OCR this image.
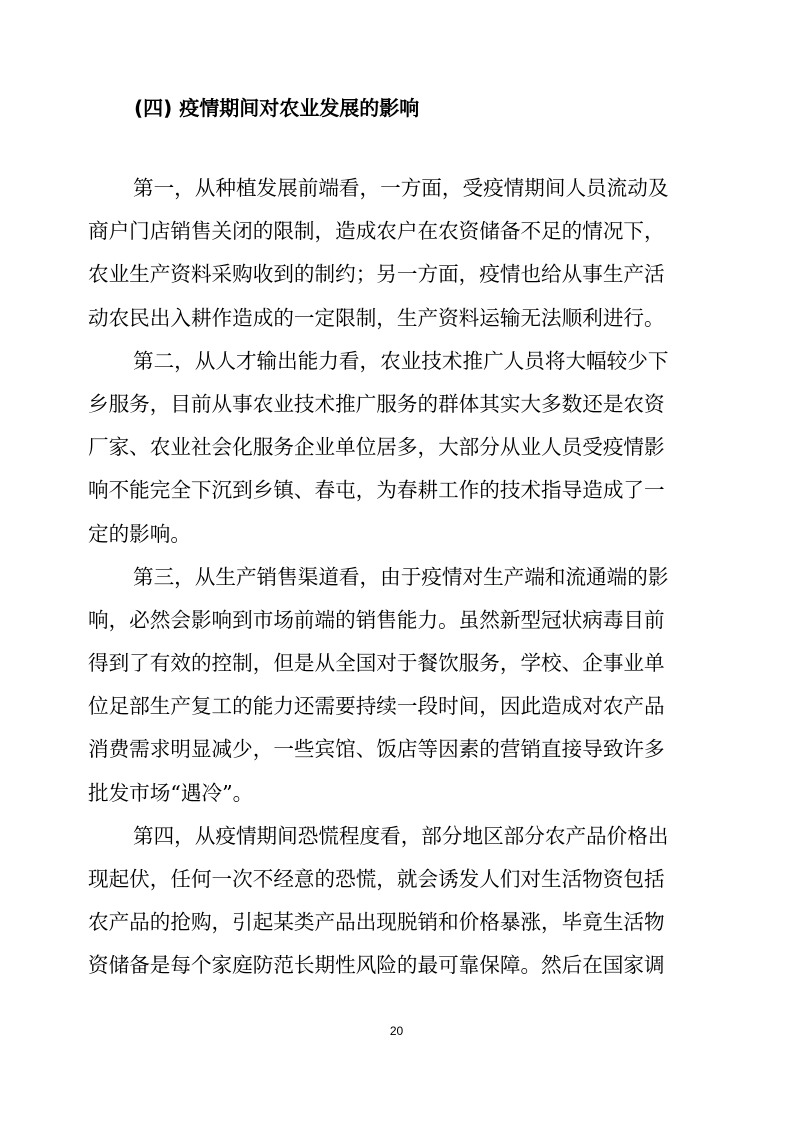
(四) 疫情期间对农业发展的影响
第一，从种植发展前端看，一方面，受疫情期间人员流动及
商户门店销售关闭的限制，造成农户在农资储备不足的情况下，
农业生产资料采购收到的制约；另一方面，疫情也给从事生产活
动农民出入耕作造成的一定限制，生产资料运输无法顺利进行。
第二，从人才输出能力看，农业技术推广人员将大幅较少下
乡服务，目前从事农业技术推广服务的群体其实大多数还是农资
厂家、农业社会化服务企业单位居多，大部分从业人员受疫情影
响不能完全下沉到乡镇、春屯，为春耕工作的技术指导造成了一
定的影响。
第三，从生产销售渠道看，由于疫情对生产端和流通端的影
响，必然会影响到市场前端的销售能力。虽然新型冠状病毒目前
得到了有效的控制，但是从全国对于餐饮服务，学校、企事业单
位足部生产复工的能力还需要持续一段时间，因此造成对农产品
消费需求明显减少，一些宾馆、饭店等因素的营销直接导致许多
批发市场“遇冷”。
第四，从疫情期间恐慌程度看，部分地区部分农产品价格出
现起伏，任何一次不经意的恐慌，就会诱发人们对生活物资包括
农产品的抢购，引起某类产品出现脱销和价格暴涨，毕竟生活物
资储备是每个家庭防范长期性风险的最可靠保障。然后在国家调
20
